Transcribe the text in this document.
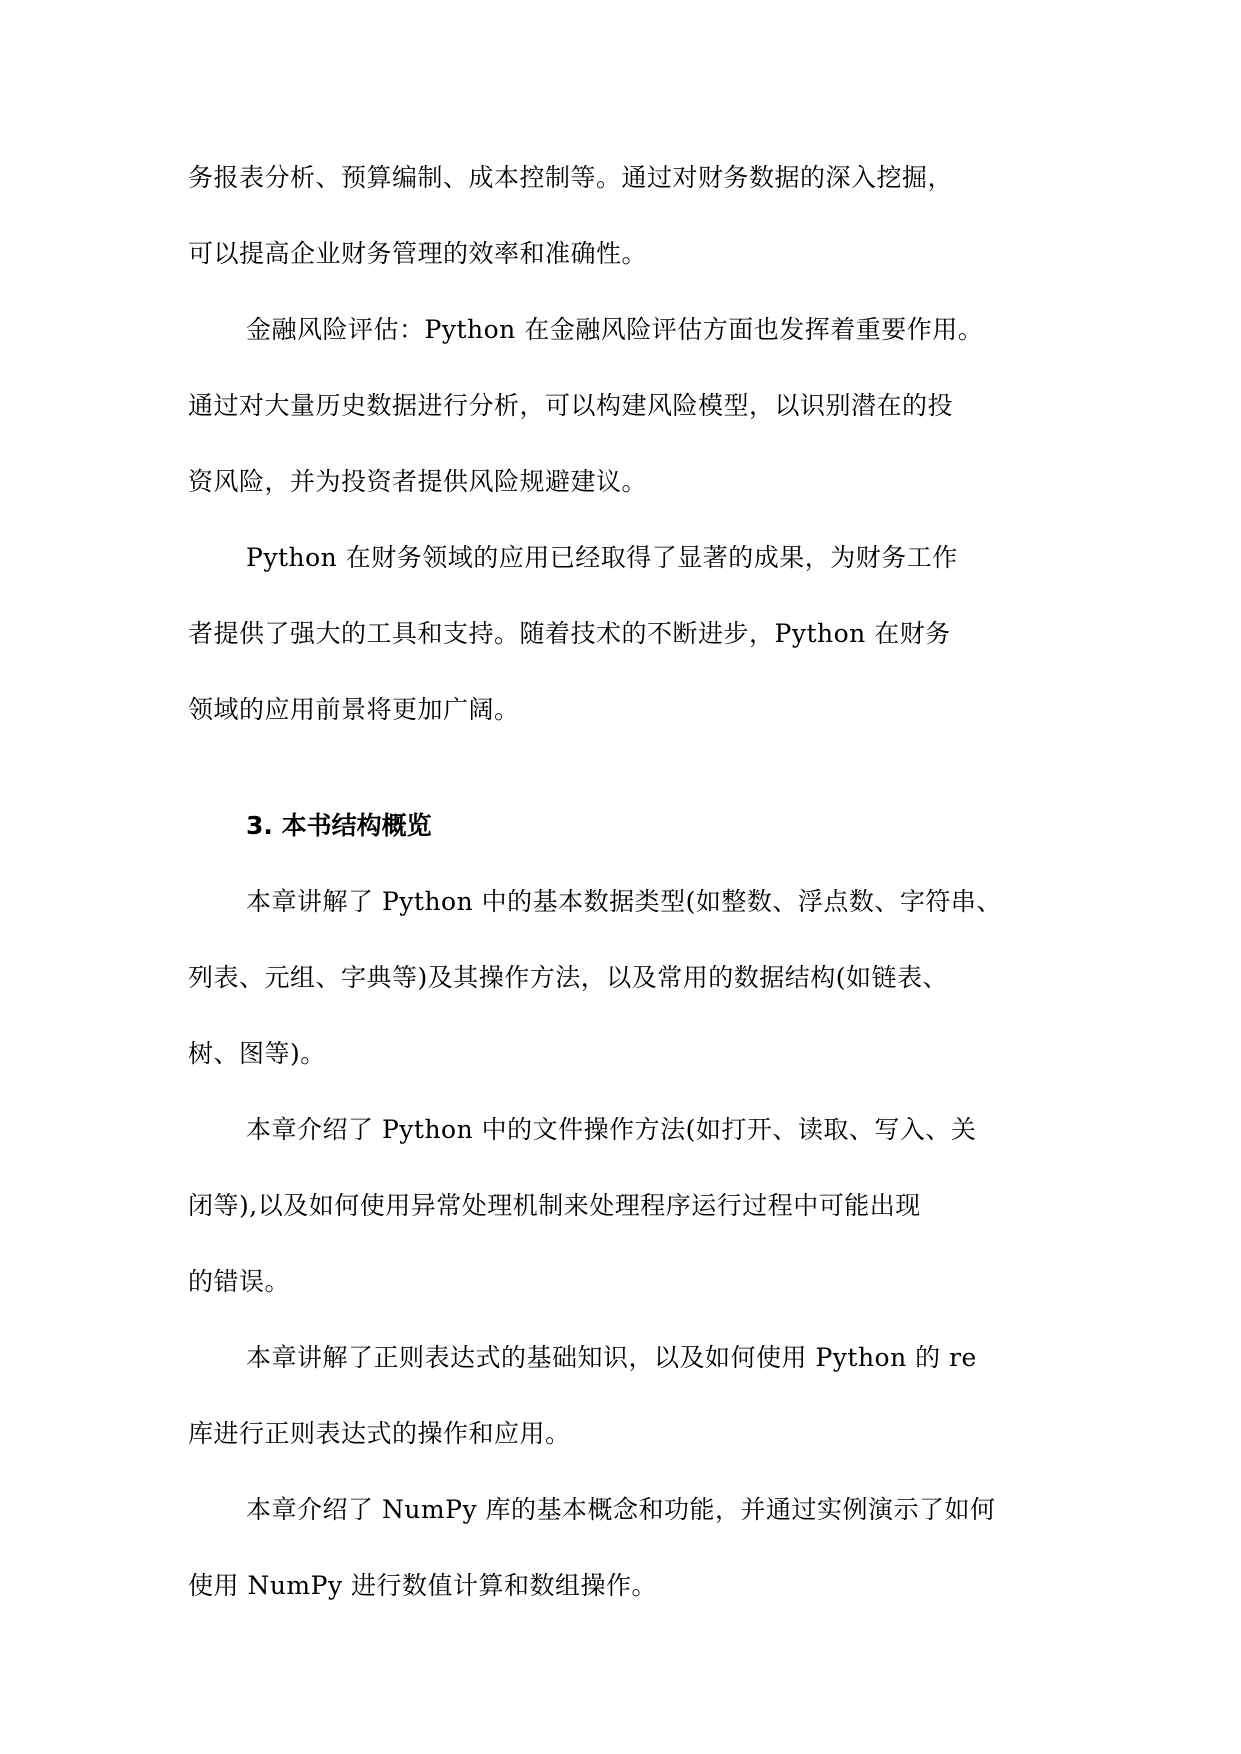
务报表分析、预算编制、成本控制等。通过对财务数据的深入挖掘，
可以提高企业财务管理的效率和准确性。
金融风险评估：Python 在金融风险评估方面也发挥着重要作用。
通过对大量历史数据进行分析，可以构建风险模型，以识别潜在的投
资风险，并为投资者提供风险规避建议。
Python 在财务领域的应用已经取得了显著的成果，为财务工作
者提供了强大的工具和支持。随着技术的不断进步，Python 在财务
领域的应用前景将更加广阔。
3. 本书结构概览
本章讲解了 Python 中的基本数据类型(如整数、浮点数、字符串、
列表、元组、字典等)及其操作方法，以及常用的数据结构(如链表、
树、图等)。
本章介绍了 Python 中的文件操作方法(如打开、读取、写入、关
闭等),以及如何使用异常处理机制来处理程序运行过程中可能出现
的错误。
本章讲解了正则表达式的基础知识，以及如何使用 Python 的 re
库进行正则表达式的操作和应用。
本章介绍了 NumPy 库的基本概念和功能，并通过实例演示了如何
使用 NumPy 进行数值计算和数组操作。
